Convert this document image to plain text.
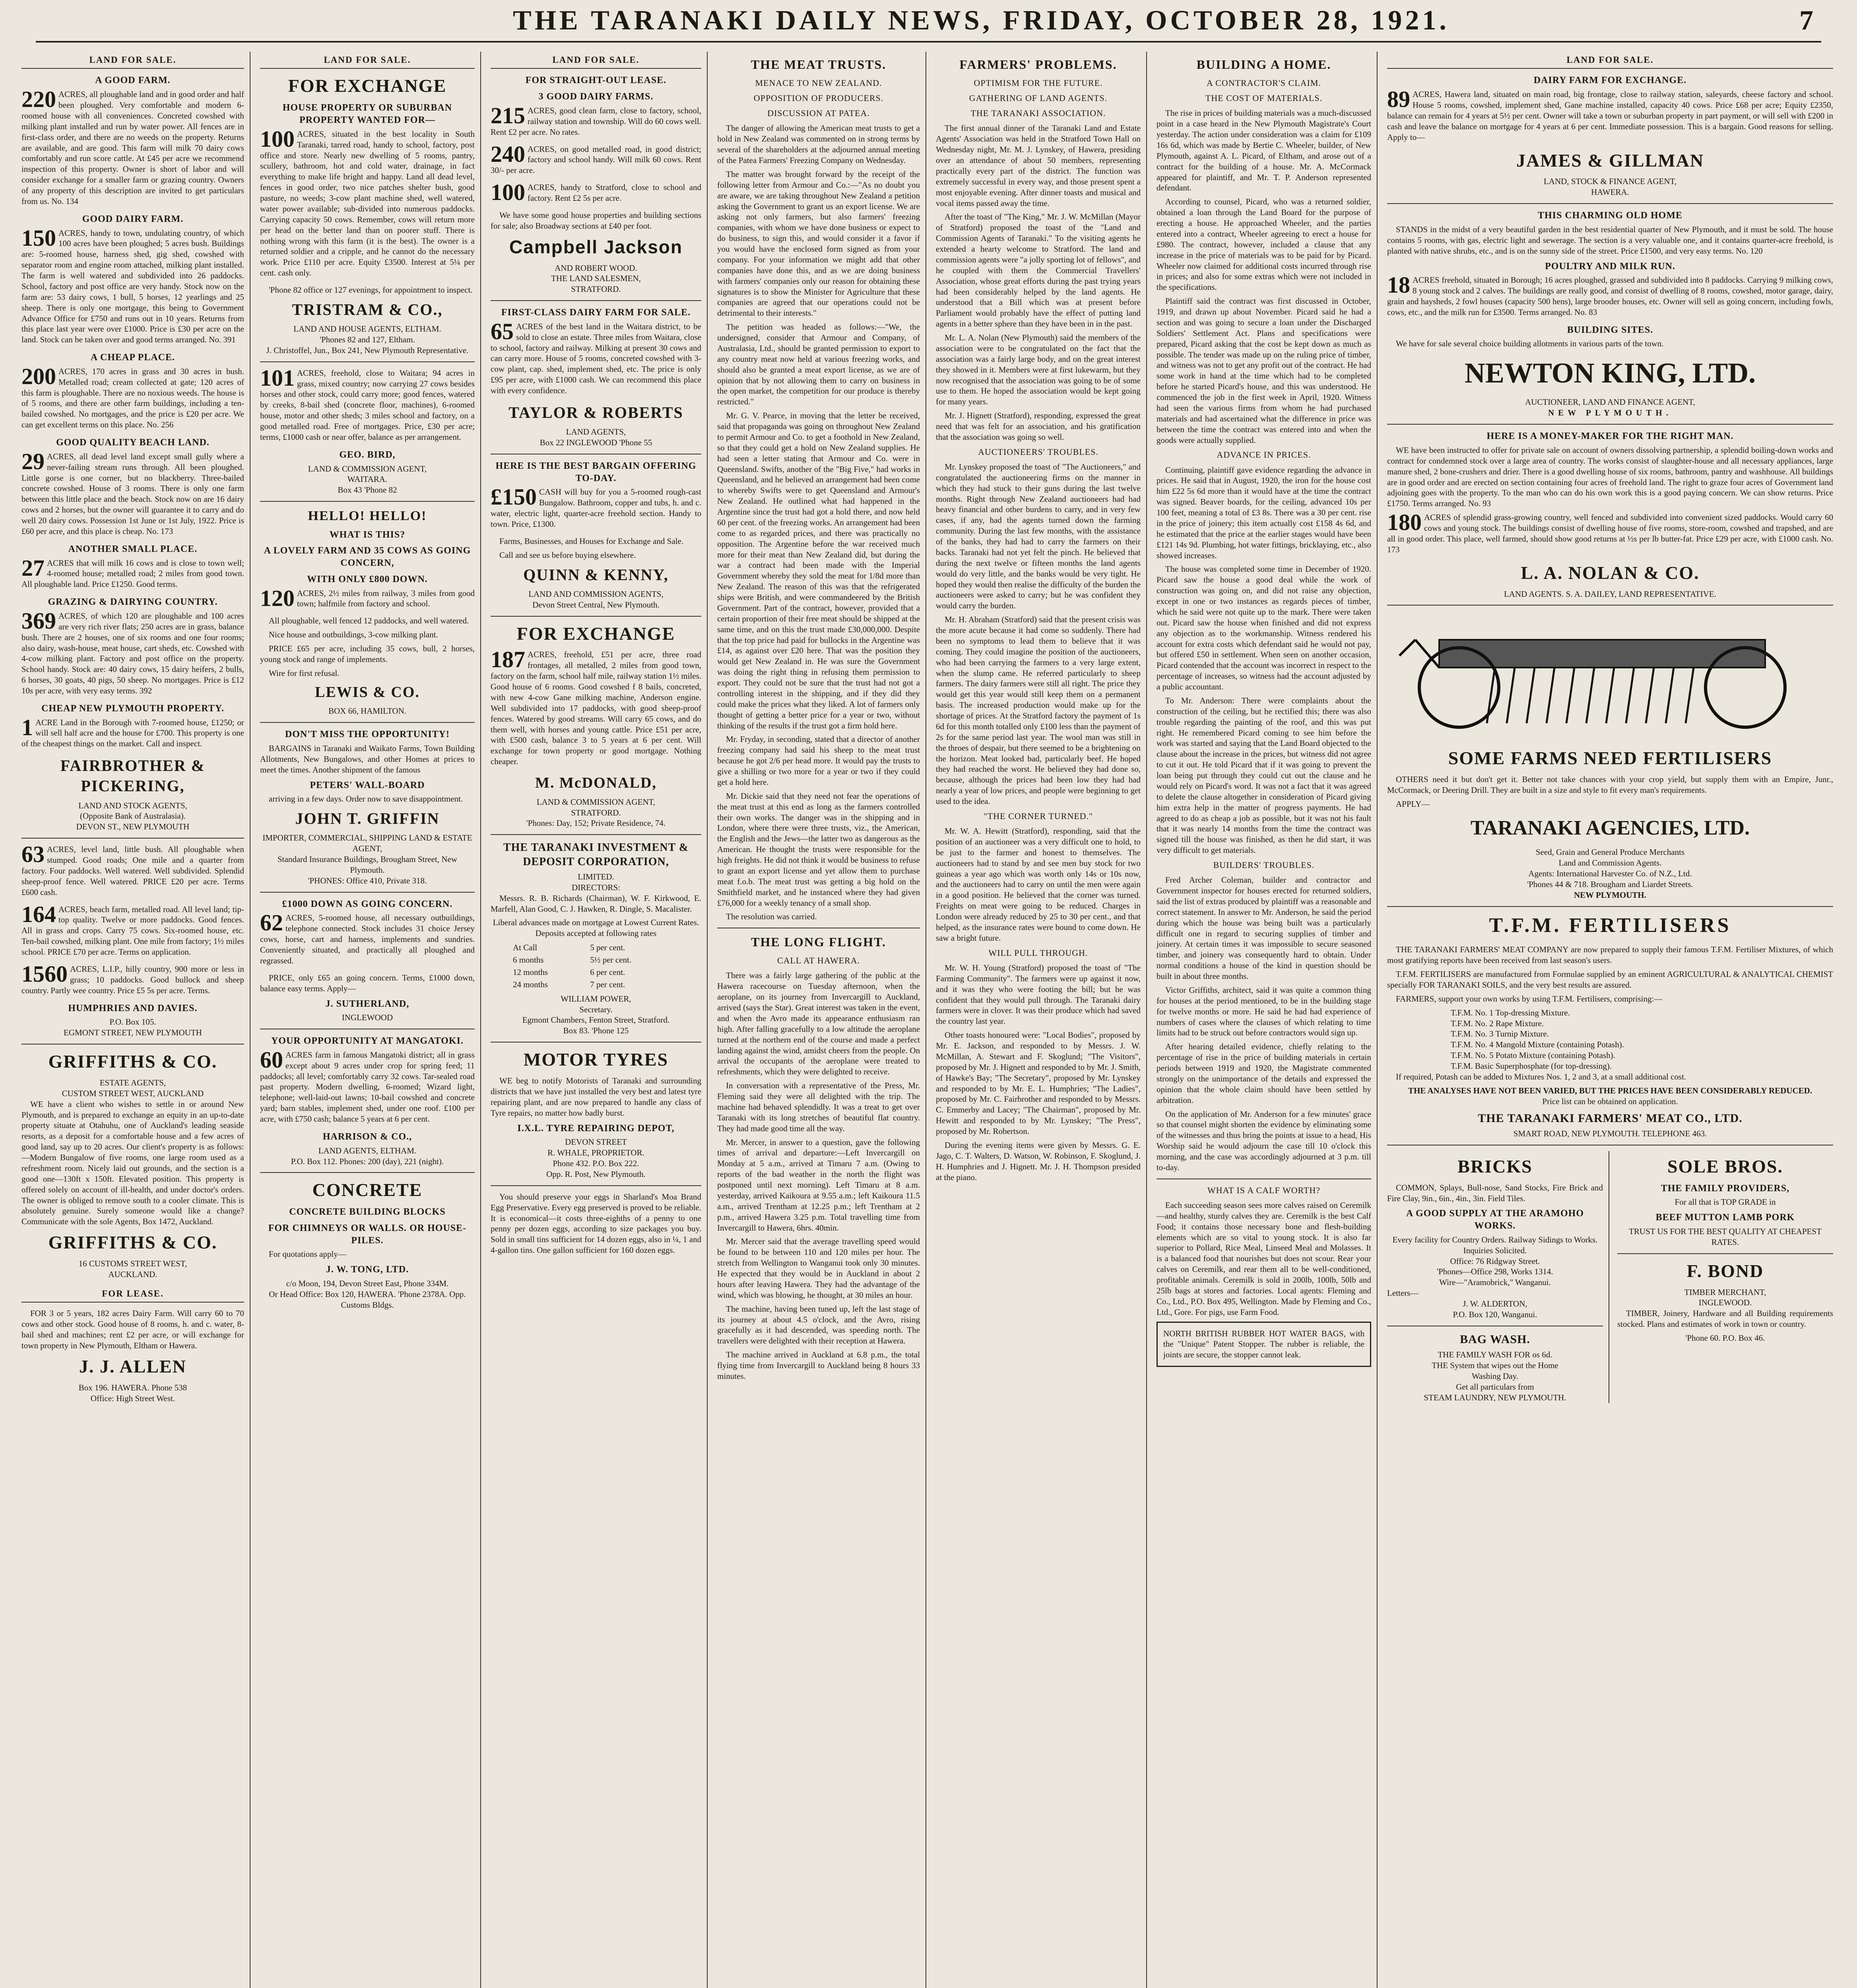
THE TARANAKI DAILY NEWS, FRIDAY, OCTOBER 28, 1921.	7
LAND FOR SALE.
A GOOD FARM.
220 ACRES, all ploughable land and in good order and half been ploughed. Very comfortable and modern 6-roomed house with all conveniences. Concreted cowshed with milking plant installed and run by water power. All fences are in first-class order, and there are no weeds on the property. Returns are available, and are good. This farm will milk 70 dairy cows comfortably and run score cattle. At £45 per acre we recommend inspection of this property. Owner is short of labor and will consider exchange for a smaller farm or grazing country. Owners of any property of this description are invited to get particulars from us. No. 134
GOOD DAIRY FARM.
150 ACRES, handy to town, undulating country, of which 100 acres have been ploughed; 5 acres bush. Buildings are: 5-roomed house, harness shed, gig shed, cowshed with separator room and engine room attached, milking plant installed. The farm is well watered and subdivided into 26 paddocks. School, factory and post office are very handy. Stock now on the farm are: 53 dairy cows, 1 bull, 5 horses, 12 yearlings and 25 sheep. There is only one mortgage, this being to Government Advance Office for £750 and runs out in 10 years. Returns from this place last year were over £1000. Price is £30 per acre on the land. Stock can be taken over and good terms arranged. No. 391
A CHEAP PLACE.
200 ACRES, 170 acres in grass and 30 acres in bush. Metalled road; cream collected at gate; 120 acres of this farm is ploughable. There are no noxious weeds. The house is of 5 rooms, and there are other farm buildings, including a ten-bailed cowshed. No mortgages, and the price is £20 per acre. We can get excellent terms on this place. No. 256
GOOD QUALITY BEACH LAND.
29 ACRES, all dead level land except small gully where a never-failing stream runs through. All been ploughed. Little gorse is one corner, but no blackberry. Three-bailed concrete cowshed. House of 3 rooms. There is only one farm between this little place and the beach. Stock now on are 16 dairy cows and 2 horses, but the owner will guarantee it to carry and do well 20 dairy cows. Possession 1st June or 1st July, 1922. Price is £60 per acre, and this place is cheap. No. 173
ANOTHER SMALL PLACE.
27 ACRES that will milk 16 cows and is close to town well; 4-roomed house; metalled road; 2 miles from good town. All ploughable land. Price £1250. Good terms.
GRAZING & DAIRYING COUNTRY.
369 ACRES, of which 120 are ploughable and 100 acres are very rich river flats; 250 acres are in grass, balance bush. There are 2 houses, one of six rooms and one four rooms; also dairy, wash-house, meat house, cart sheds, etc. Cowshed with 4-cow milking plant. Factory and post office on the property. School handy. Stock are: 40 dairy cows, 15 dairy heifers, 2 bulls, 6 horses, 30 goats, 40 pigs, 50 sheep. No mortgages. Price is £12 10s per acre, with very easy terms. 392
CHEAP NEW PLYMOUTH PROPERTY.
1 ACRE Land in the Borough with 7-roomed house, £1250; or will sell half acre and the house for £700. This property is one of the cheapest things on the market. Call and inspect.
FAIRBROTHER & PICKERING,
LAND AND STOCK AGENTS,
(Opposite Bank of Australasia).
DEVON ST., NEW PLYMOUTH
63 ACRES, level land, little bush. All ploughable when stumped. Good roads; One mile and a quarter from factory. Four paddocks. Well watered. Well subdivided. Splendid sheep-proof fence. Well watered. PRICE £20 per acre. Terms £600 cash.
164 ACRES, beach farm, metalled road. All level land; tip-top quality. Twelve or more paddocks. Good fences. All in grass and crops. Carry 75 cows. Six-roomed house, etc. Ten-bail cowshed, milking plant. One mile from factory; 1½ miles school. PRICE £70 per acre. Terms on application.
1560 ACRES, L.I.P., hilly country, 900 more or less in grass; 10 paddocks. Good bullock and sheep country. Partly wee country. Price £5 5s per acre. Terms.
HUMPHRIES AND DAVIES.
P.O. Box 105.
EGMONT STREET, NEW PLYMOUTH
GRIFFITHS & CO.
ESTATE AGENTS,
CUSTOM STREET WEST, AUCKLAND
WE have a client who wishes to settle in or around New Plymouth, and is prepared to exchange an equity in an up-to-date property situate at Otahuhu, one of Auckland's leading seaside resorts, as a deposit for a comfortable house and a few acres of good land, say up to 20 acres. Our client's property is as follows:—Modern Bungalow of five rooms, one large room used as a refreshment room. Nicely laid out grounds, and the section is a good one—130ft x 150ft. Elevated position. This property is offered solely on account of ill-health, and under doctor's orders. The owner is obliged to remove south to a cooler climate. This is absolutely genuine. Surely someone would like a change? Communicate with the sole Agents, Box 1472, Auckland.
GRIFFITHS & CO.
16 CUSTOMS STREET WEST,
AUCKLAND.
FOR LEASE.
FOR 3 or 5 years, 182 acres Dairy Farm. Will carry 60 to 70 cows and other stock. Good house of 8 rooms, h. and c. water, 8-bail shed and machines; rent £2 per acre, or will exchange for town property in New Plymouth, Eltham or Hawera.
J. J. ALLEN
Box 196. HAWERA. Phone 538
Office: High Street West.
LAND FOR SALE.
FOR EXCHANGE
HOUSE PROPERTY OR SUBURBAN PROPERTY WANTED FOR—
100 ACRES, situated in the best locality in South Taranaki, tarred road, handy to school, factory, post office and store. Nearly new dwelling of 5 rooms, pantry, scullery, bathroom, hot and cold water, drainage, in fact everything to make life bright and happy. Land all dead level, fences in good order, two nice patches shelter bush, good pasture, no weeds; 3-cow plant machine shed, well watered, water power available; sub-divided into numerous paddocks. Carrying capacity 50 cows. Remember, cows will return more per head on the better land than on poorer stuff. There is nothing wrong with this farm (it is the best). The owner is a returned soldier and a cripple, and he cannot do the necessary work. Price £110 per acre. Equity £3500. Interest at 5¼ per cent. cash only.
'Phone 82 office or 127 evenings, for appointment to inspect.
TRISTRAM & CO.,
LAND AND HOUSE AGENTS, ELTHAM.
'Phones 82 and 127, Eltham.
J. Christoffel, Jun., Box 241, New Plymouth Representative.
101 ACRES, freehold, close to Waitara; 94 acres in grass, mixed country; now carrying 27 cows besides horses and other stock, could carry more; good fences, watered by creeks, 8-bail shed (concrete floor, machines), 6-roomed house, motor and other sheds; 3 miles school and factory, on a good metalled road. Free of mortgages. Price, £30 per acre; terms, £1000 cash or near offer, balance as per arrangement.
GEO. BIRD,
LAND & COMMISSION AGENT,
WAITARA.
Box 43 'Phone 82
HELLO! HELLO!
WHAT IS THIS?
A LOVELY FARM AND 35 COWS AS GOING CONCERN,
WITH ONLY £800 DOWN.
120 ACRES, 2½ miles from railway, 3 miles from good town; halfmile from factory and school.
All ploughable, well fenced 12 paddocks, and well watered.
Nice house and outbuildings, 3-cow milking plant.
PRICE £65 per acre, including 35 cows, bull, 2 horses, young stock and range of implements.
Wire for first refusal.
LEWIS & CO.
BOX 66, HAMILTON.
DON'T MISS THE OPPORTUNITY!
BARGAINS in Taranaki and Waikato Farms, Town Building Allotments, New Bungalows, and other Homes at prices to meet the times. Another shipment of the famous
PETERS' WALL-BOARD
arriving in a few days. Order now to save disappointment.
JOHN T. GRIFFIN
IMPORTER, COMMERCIAL, SHIPPING LAND & ESTATE AGENT,
Standard Insurance Buildings, Brougham Street, New Plymouth.
'PHONES: Office 410, Private 318.
£1000 DOWN AS GOING CONCERN.
62 ACRES, 5-roomed house, all necessary outbuildings, telephone connected. Stock includes 31 choice Jersey cows, horse, cart and harness, implements and sundries. Conveniently situated, and practically all ploughed and regrassed.
PRICE, only £65 an going concern. Terms, £1000 down, balance easy terms. Apply—
J. SUTHERLAND,
INGLEWOOD
YOUR OPPORTUNITY AT MANGATOKI.
60 ACRES farm in famous Mangatoki district; all in grass except about 9 acres under crop for spring feed; 11 paddocks; all level; comfortably carry 32 cows. Tar-sealed road past property. Modern dwelling, 6-roomed; Wizard light, telephone; well-laid-out lawns; 10-bail cowshed and concrete yard; barn stables, implement shed, under one roof. £100 per acre, with £750 cash; balance 5 years at 6 per cent.
HARRISON & CO.,
LAND AGENTS, ELTHAM.
P.O. Box 112. Phones: 200 (day), 221 (night).
CONCRETE
CONCRETE BUILDING BLOCKS
FOR CHIMNEYS OR WALLS. OR HOUSE-PILES.
For quotations apply—
J. W. TONG, LTD.
c/o Moon, 194, Devon Street East, Phone 334M.
Or Head Office: Box 120, HAWERA. 'Phone 2378A. Opp. Customs Bldgs.
LAND FOR SALE.
FOR STRAIGHT-OUT LEASE.
3 GOOD DAIRY FARMS.
215 ACRES, good clean farm, close to factory, school, railway station and township. Will do 60 cows well. Rent £2 per acre. No rates.
240 ACRES, on good metalled road, in good district; factory and school handy. Will milk 60 cows. Rent 30/- per acre.
100 ACRES, handy to Stratford, close to school and factory. Rent £2 5s per acre.
We have some good house properties and building sections for sale; also Broadway sections at £40 per foot.
Campbell Jackson
AND ROBERT WOOD.
THE LAND SALESMEN,
STRATFORD.
FIRST-CLASS DAIRY FARM FOR SALE.
65 ACRES of the best land in the Waitara district, to be sold to close an estate. Three miles from Waitara, close to school, factory and railway. Milking at present 30 cows and can carry more. House of 5 rooms, concreted cowshed with 3-cow plant, cap. shed, implement shed, etc. The price is only £95 per acre, with £1000 cash. We can recommend this place with every confidence.
TAYLOR & ROBERTS
LAND AGENTS,
Box 22 INGLEWOOD 'Phone 55
HERE IS THE BEST BARGAIN OFFERING TO-DAY.
£150 CASH will buy for you a 5-roomed rough-cast Bungalow. Bathroom, copper and tubs, h. and c. water, electric light, quarter-acre freehold section. Handy to town. Price, £1300.
Farms, Businesses, and Houses for Exchange and Sale.
Call and see us before buying elsewhere.
QUINN & KENNY,
LAND AND COMMISSION AGENTS,
Devon Street Central, New Plymouth.
FOR EXCHANGE
187 ACRES, freehold, £51 per acre, three road frontages, all metalled, 2 miles from good town, factory on the farm, school half mile, railway station 1½ miles. Good house of 6 rooms. Good cowshed f 8 bails, concreted, with new 4-cow Gane milking machine, Anderson engine. Well subdivided into 17 paddocks, with good sheep-proof fences. Watered by good streams. Will carry 65 cows, and do them well, with horses and young cattle. Price £51 per acre, with £500 cash, balance 3 to 5 years at 6 per cent. Will exchange for town property or good mortgage. Nothing cheaper.
M. McDONALD,
LAND & COMMISSION AGENT,
STRATFORD.
'Phones: Day, 152; Private Residence, 74.
THE TARANAKI INVESTMENT & DEPOSIT CORPORATION,
LIMITED.
DIRECTORS:
Messrs. R. B. Richards (Chairman), W. F. Kirkwood, E. Marfell, Alan Good, C. J. Hawken, R. Dingle, S. Macalister.
Liberal advances made on mortgage at Lowest Current Rates.
Deposits accepted at following rates
At Call	5 per cent.
6 months	5½ per cent.
12 months	6 per cent.
24 months	7 per cent.
WILLIAM POWER,
Secretary.
Egmont Chambers, Fenton Street, Stratford.
Box 83. 'Phone 125
MOTOR TYRES
WE beg to notify Motorists of Taranaki and surrounding districts that we have just installed the very best and latest tyre repairing plant, and are now prepared to handle any class of Tyre repairs, no matter how badly burst.
I.X.L. TYRE REPAIRING DEPOT,
DEVON STREET
R. WHALE, PROPRIETOR.
Phone 432. P.O. Box 222.
Opp. R. Post, New Plymouth.
You should preserve your eggs in Sharland's Moa Brand Egg Preservative. Every egg preserved is proved to be reliable. It is economical—it costs three-eighths of a penny to one penny per dozen eggs, according to size packages you buy. Sold in small tins sufficient for 14 dozen eggs, also in ¼, 1 and 4-gallon tins. One gallon sufficient for 160 dozen eggs.
THE MEAT TRUSTS.
MENACE TO NEW ZEALAND.
OPPOSITION OF PRODUCERS.
DISCUSSION AT PATEA.
The danger of allowing the American meat trusts to get a hold in New Zealand was commented on in strong terms by several of the shareholders at the adjourned annual meeting of the Patea Farmers' Freezing Company on Wednesday.
The matter was brought forward by the receipt of the following letter from Armour and Co.:—"As no doubt you are aware, we are taking throughout New Zealand a petition asking the Government to grant us an export license. We are asking not only farmers, but also farmers' freezing companies, with whom we have done business or expect to do business, to sign this, and would consider it a favor if you would have the enclosed form signed as from your company. For your information we might add that other companies have done this, and as we are doing business with farmers' companies only our reason for obtaining these signatures is to show the Minister for Agriculture that these companies are agreed that our operations could not be detrimental to their interests."
The petition was headed as follows:—"We, the undersigned, consider that Armour and Company, of Australasia, Ltd., should be granted permission to export to any country meat now held at various freezing works, and should also be granted a meat export license, as we are of opinion that by not allowing them to carry on business in the open market, the competition for our produce is thereby restricted."
Mr. G. V. Pearce, in moving that the letter be received, said that propaganda was going on throughout New Zealand to permit Armour and Co. to get a foothold in New Zealand, so that they could get a hold on New Zealand supplies. He had seen a letter stating that Armour and Co. were in Queensland. Swifts, another of the "Big Five," had works in Queensland, and he believed an arrangement had been come to whereby Swifts were to get Queensland and Armour's New Zealand. He outlined what had happened in the Argentine since the trust had got a hold there, and now held 60 per cent. of the freezing works. An arrangement had been come to as regarded prices, and there was practically no opposition. The Argentine before the war received much more for their meat than New Zealand did, but during the war a contract had been made with the Imperial Government whereby they sold the meat for 1/8d more than New Zealand. The reason of this was that the refrigerated ships were British, and were commandeered by the British Government. Part of the contract, however, provided that a certain proportion of their free meat should be shipped at the same time, and on this the trust made £30,000,000. Despite that the top price had paid for bullocks in the Argentine was £14, as against over £20 here. That was the position they would get New Zealand in. He was sure the Government was doing the right thing in refusing them permission to export. They could not be sure that the trust had not got a controlling interest in the shipping, and if they did they could make the prices what they liked. A lot of farmers only thought of getting a better price for a year or two, without thinking of the results if the trust got a firm hold here.
Mr. Fryday, in seconding, stated that a director of another freezing company had said his sheep to the meat trust because he got 2/6 per head more. It would pay the trusts to give a shilling or two more for a year or two if they could get a hold here.
Mr. Dickie said that they need not fear the operations of the meat trust at this end as long as the farmers controlled their own works. The danger was in the shipping and in London, where there were three trusts, viz., the American, the English and the Jews—the latter two as dangerous as the American. He thought the trusts were responsible for the high freights. He did not think it would be business to refuse to grant an export license and yet allow them to purchase meat f.o.b. The meat trust was getting a big hold on the Smithfield market, and he instanced where they had given £76,000 for a weekly tenancy of a small shop.
The resolution was carried.
THE LONG FLIGHT.
CALL AT HAWERA.
There was a fairly large gathering of the public at the Hawera racecourse on Tuesday afternoon, when the aeroplane, on its journey from Invercargill to Auckland, arrived (says the Star). Great interest was taken in the event, and when the Avro made its appearance enthusiasm ran high. After falling gracefully to a low altitude the aeroplane turned at the northern end of the course and made a perfect landing against the wind, amidst cheers from the people. On arrival the occupants of the aeroplane were treated to refreshments, which they were delighted to receive.
In conversation with a representative of the Press, Mr. Fleming said they were all delighted with the trip. The machine had behaved splendidly. It was a treat to get over Taranaki with its long stretches of beautiful flat country. They had made good time all the way.
Mr. Mercer, in answer to a question, gave the following times of arrival and departure:—Left Invercargill on Monday at 5 a.m., arrived at Timaru 7 a.m. (Owing to reports of the bad weather in the north the flight was postponed until next morning). Left Timaru at 8 a.m. yesterday, arrived Kaikoura at 9.55 a.m.; left Kaikoura 11.5 a.m., arrived Trentham at 12.25 p.m.; left Trentham at 2 p.m., arrived Hawera 3.25 p.m. Total travelling time from Invercargill to Hawera, 6hrs. 40min.
Mr. Mercer said that the average travelling speed would be found to be between 110 and 120 miles per hour. The stretch from Wellington to Wanganui took only 30 minutes. He expected that they would be in Auckland in about 2 hours after leaving Hawera. They had the advantage of the wind, which was blowing, he thought, at 30 miles an hour.
The machine, having been tuned up, left the last stage of its journey at about 4.5 o'clock, and the Avro, rising gracefully as it had descended, was speeding north. The travellers were delighted with their reception at Hawera.
The machine arrived in Auckland at 6.8 p.m., the total flying time from Invercargill to Auckland being 8 hours 33 minutes.
FARMERS' PROBLEMS.
OPTIMISM FOR THE FUTURE.
GATHERING OF LAND AGENTS.
THE TARANAKI ASSOCIATION.
The first annual dinner of the Taranaki Land and Estate Agents' Association was held in the Stratford Town Hall on Wednesday night, Mr. M. J. Lynskey, of Hawera, presiding over an attendance of about 50 members, representing practically every part of the district. The function was extremely successful in every way, and those present spent a most enjoyable evening. After dinner toasts and musical and vocal items passed away the time.
After the toast of "The King," Mr. J. W. McMillan (Mayor of Stratford) proposed the toast of the "Land and Commission Agents of Taranaki." To the visiting agents he extended a hearty welcome to Stratford. The land and commission agents were "a jolly sporting lot of fellows", and he coupled with them the Commercial Travellers' Association, whose great efforts during the past trying years had been considerably helped by the land agents. He understood that a Bill which was at present before Parliament would probably have the effect of putting land agents in a better sphere than they have been in in the past.
Mr. L. A. Nolan (New Plymouth) said the members of the association were to be congratulated on the fact that the association was a fairly large body, and on the great interest they showed in it. Members were at first lukewarm, but they now recognised that the association was going to be of some use to them. He hoped the association would be kept going for many years.
Mr. J. Hignett (Stratford), responding, expressed the great need that was felt for an association, and his gratification that the association was going so well.
AUCTIONEERS' TROUBLES.
Mr. Lynskey proposed the toast of "The Auctioneers," and congratulated the auctioneering firms on the manner in which they had stuck to their guns during the last twelve months. Right through New Zealand auctioneers had had heavy financial and other burdens to carry, and in very few cases, if any, had the agents turned down the farming community. During the last few months, with the assistance of the banks, they had had to carry the farmers on their backs. Taranaki had not yet felt the pinch. He believed that during the next twelve or fifteen months the land agents would do very little, and the banks would be very tight. He hoped they would then realise the difficulty of the burden the auctioneers were asked to carry; but he was confident they would carry the burden.
Mr. H. Abraham (Stratford) said that the present crisis was the more acute because it had come so suddenly. There had been no symptoms to lead them to believe that it was coming. They could imagine the position of the auctioneers, who had been carrying the farmers to a very large extent, when the slump came. He referred particularly to sheep farmers. The dairy farmers were still all right. The price they would get this year would still keep them on a permanent basis. The increased production would make up for the shortage of prices. At the Stratford factory the payment of 1s 6d for this month totalled only £100 less than the payment of 2s for the same period last year. The wool man was still in the throes of despair, but there seemed to be a brightening on the horizon. Meat looked bad, particularly beef. He hoped they had reached the worst. He believed they had done so, because, although the prices had been low they had had nearly a year of low prices, and people were beginning to get used to the idea.
"THE CORNER TURNED."
Mr. W. A. Hewitt (Stratford), responding, said that the position of an auctioneer was a very difficult one to hold, to be just to the farmer and honest to themselves. The auctioneers had to stand by and see men buy stock for two guineas a year ago which was worth only 14s or 10s now, and the auctioneers had to carry on until the men were again in a good position. He believed that the corner was turned. Freights on meat were going to be reduced. Charges in London were already reduced by 25 to 30 per cent., and that helped, as the insurance rates were bound to come down. He saw a bright future.
WILL PULL THROUGH.
Mr. W. H. Young (Stratford) proposed the toast of "The Farming Community". The farmers were up against it now, and it was they who were footing the bill; but he was confident that they would pull through. The Taranaki dairy farmers were in clover. It was their produce which had saved the country last year.
Other toasts honoured were: "Local Bodies", proposed by Mr. E. Jackson, and responded to by Messrs. J. W. McMillan, A. Stewart and F. Skoglund; "The Visitors", proposed by Mr. J. Hignett and responded to by Mr. J. Smith, of Hawke's Bay; "The Secretary", proposed by Mr. Lynskey and responded to by Mr. E. L. Humphries; "The Ladies", proposed by Mr. C. Fairbrother and responded to by Messrs. C. Emmerby and Lacey; "The Chairman", proposed by Mr. Hewitt and responded to by Mr. Lynskey; "The Press", proposed by Mr. Robertson.
During the evening items were given by Messrs. G. E. Jago, C. T. Walters, D. Watson, W. Robinson, F. Skoglund, J. H. Humphries and J. Hignett. Mr. J. H. Thompson presided at the piano.
BUILDING A HOME.
A CONTRACTOR'S CLAIM.
THE COST OF MATERIALS.
The rise in prices of building materials was a much-discussed point in a case heard in the New Plymouth Magistrate's Court yesterday. The action under consideration was a claim for £109 16s 6d, which was made by Bertie C. Wheeler, builder, of New Plymouth, against A. L. Picard, of Eltham, and arose out of a contract for the building of a house. Mr. A. McCormack appeared for plaintiff, and Mr. T. P. Anderson represented defendant.
According to counsel, Picard, who was a returned soldier, obtained a loan through the Land Board for the purpose of erecting a house. He approached Wheeler, and the parties entered into a contract, Wheeler agreeing to erect a house for £980. The contract, however, included a clause that any increase in the price of materials was to be paid for by Picard. Wheeler now claimed for additional costs incurred through rise in prices; and also for some extras which were not included in the specifications.
Plaintiff said the contract was first discussed in October, 1919, and drawn up about November. Picard said he had a section and was going to secure a loan under the Discharged Soldiers' Settlement Act. Plans and specifications were prepared, Picard asking that the cost be kept down as much as possible. The tender was made up on the ruling price of timber, and witness was not to get any profit out of the contract. He had some work in hand at the time which had to be completed before he started Picard's house, and this was understood. He commenced the job in the first week in April, 1920. Witness had seen the various firms from whom he had purchased materials and had ascertained what the difference in price was between the time the contract was entered into and when the goods were actually supplied.
ADVANCE IN PRICES.
Continuing, plaintiff gave evidence regarding the advance in prices. He said that in August, 1920, the iron for the house cost him £22 5s 6d more than it would have at the time the contract was signed. Beaver boards, for the ceiling, advanced 10s per 100 feet, meaning a total of £3 8s. There was a 30 per cent. rise in the price of joinery; this item actually cost £158 4s 6d, and he estimated that the price at the earlier stages would have been £121 14s 9d. Plumbing, hot water fittings, bricklaying, etc., also showed increases.
The house was completed some time in December of 1920. Picard saw the house a good deal while the work of construction was going on, and did not raise any objection, except in one or two instances as regards pieces of timber, which he said were not quite up to the mark. There were taken out. Picard saw the house when finished and did not express any objection as to the workmanship. Witness rendered his account for extra costs which defendant said he would not pay, but offered £50 in settlement. When seen on another occasion, Picard contended that the account was incorrect in respect to the percentage of increases, so witness had the account adjusted by a public accountant.
To Mr. Anderson: There were complaints about the construction of the ceiling, but he rectified this; there was also trouble regarding the painting of the roof, and this was put right. He remembered Picard coming to see him before the work was started and saying that the Land Board objected to the clause about the increase in the prices, but witness did not agree to cut it out. He told Picard that if it was going to prevent the loan being put through they could cut out the clause and he would rely on Picard's word. It was not a fact that it was agreed to delete the clause altogether in consideration of Picard giving him extra help in the matter of progress payments. He had agreed to do as cheap a job as possible, but it was not his fault that it was nearly 14 months from the time the contract was signed till the house was finished, as then he did start, it was very difficult to get materials.
BUILDERS' TROUBLES.
Fred Archer Coleman, builder and contractor and Government inspector for houses erected for returned soldiers, said the list of extras produced by plaintiff was a reasonable and correct statement. In answer to Mr. Anderson, he said the period during which the house was being built was a particularly difficult one in regard to securing supplies of timber and joinery. At certain times it was impossible to secure seasoned timber, and joinery was consequently hard to obtain. Under normal conditions a house of the kind in question should be built in about three months.
Victor Griffiths, architect, said it was quite a common thing for houses at the period mentioned, to be in the building stage for twelve months or more. He said he had had experience of numbers of cases where the clauses of which relating to time limits had to be struck out before contractors would sign up.
After hearing detailed evidence, chiefly relating to the percentage of rise in the price of building materials in certain periods between 1919 and 1920, the Magistrate commented strongly on the unimportance of the details and expressed the opinion that the whole claim should have been settled by arbitration.
On the application of Mr. Anderson for a few minutes' grace so that counsel might shorten the evidence by eliminating some of the witnesses and thus bring the points at issue to a head, His Worship said he would adjourn the case till 10 o'clock this morning, and the case was accordingly adjourned at 3 p.m. till to-day.
WHAT IS A CALF WORTH?
Each succeeding season sees more calves raised on Ceremilk—and healthy, sturdy calves they are. Ceremilk is the best Calf Food; it contains those necessary bone and flesh-building elements which are so vital to young stock. It is also far superior to Pollard, Rice Meal, Linseed Meal and Molasses. It is a balanced food that nourishes but does not scour. Rear your calves on Ceremilk, and rear them all to be well-conditioned, profitable animals. Ceremilk is sold in 200lb, 100lb, 50lb and 25lb bags at stores and factories. Local agents: Fleming and Co., Ltd., P.O. Box 495, Wellington. Made by Fleming and Co., Ltd., Gore. For pigs, use Farm Food.
NORTH BRITISH RUBBER HOT WATER BAGS, with the "Unique" Patent Stopper. The rubber is reliable, the joints are secure, the stopper cannot leak.
LAND FOR SALE.
DAIRY FARM FOR EXCHANGE.
89 ACRES, Hawera land, situated on main road, big frontage, close to railway station, saleyards, cheese factory and school. House 5 rooms, cowshed, implement shed, Gane machine installed, capacity 40 cows. Price £68 per acre; Equity £2350, balance can remain for 4 years at 5½ per cent. Owner will take a town or suburban property in part payment, or will sell with £200 in cash and leave the balance on mortgage for 4 years at 6 per cent. Immediate possession. This is a bargain. Good reasons for selling. Apply to—
JAMES & GILLMAN
LAND, STOCK & FINANCE AGENT,
HAWERA.
THIS CHARMING OLD HOME
STANDS in the midst of a very beautiful garden in the best residential quarter of New Plymouth, and it must be sold. The house contains 5 rooms, with gas, electric light and sewerage. The section is a very valuable one, and it contains quarter-acre freehold, is planted with native shrubs, etc., and is on the sunny side of the street. Price £1500, and very easy terms. No. 120
POULTRY AND MILK RUN.
18 ACRES freehold, situated in Borough; 16 acres ploughed, grassed and subdivided into 8 paddocks. Carrying 9 milking cows, 8 young stock and 2 calves. The buildings are really good, and consist of dwelling of 8 rooms, cowshed, motor garage, dairy, grain and haysheds, 2 fowl houses (capacity 500 hens), large brooder houses, etc. Owner will sell as going concern, including fowls, cows, etc., and the milk run for £3500. Terms arranged. No. 83
BUILDING SITES.
We have for sale several choice building allotments in various parts of the town.
NEWTON KING, LTD.
AUCTIONEER, LAND AND FINANCE AGENT,
NEW PLYMOUTH.
HERE IS A MONEY-MAKER FOR THE RIGHT MAN.
WE have been instructed to offer for private sale on account of owners dissolving partnership, a splendid boiling-down works and contract for condemned stock over a large area of country. The works consist of slaughter-house and all necessary appliances, large manure shed, 2 bone-crushers and drier. There is a good dwelling house of six rooms, bathroom, pantry and washhouse. All buildings are in good order and are erected on section containing four acres of freehold land. The right to graze four acres of Government land adjoining goes with the property. To the man who can do his own work this is a good paying concern. We can show returns. Price £1750. Terms arranged. No. 93
180 ACRES of splendid grass-growing country, well fenced and subdivided into convenient sized paddocks. Would carry 60 cows and young stock. The buildings consist of dwelling house of five rooms, store-room, cowshed and trapshed, and are all in good order. This place, well farmed, should show good returns at ½s per lb butter-fat. Price £29 per acre, with £1000 cash. No. 173
L. A. NOLAN & CO.
LAND AGENTS. S. A. DAILEY, LAND REPRESENTATIVE.
SOME FARMS NEED FERTILISERS
OTHERS need it but don't get it. Better not take chances with your crop yield, but supply them with an Empire, Junr., McCormack, or Deering Drill. They are built in a size and style to fit every man's requirements.
APPLY—
TARANAKI AGENCIES, LTD.
Seed, Grain and General Produce Merchants
Land and Commission Agents.
Agents: International Harvester Co. of N.Z., Ltd.
'Phones 44 & 718. Brougham and Liardet Streets.
NEW PLYMOUTH.
T.F.M. FERTILISERS
THE TARANAKI FARMERS' MEAT COMPANY are now prepared to supply their famous T.F.M. Fertiliser Mixtures, of which most gratifying reports have been received from last season's users.
T.F.M. FERTILISERS are manufactured from Formulae supplied by an eminent AGRICULTURAL & ANALYTICAL CHEMIST specially FOR TARANAKI SOILS, and the very best results are assured.
FARMERS, support your own works by using T.F.M. Fertilisers, comprising:—
T.F.M. No. 1 Top-dressing Mixture.
T.F.M. No. 2 Rape Mixture.
T.F.M. No. 3 Turnip Mixture.
T.F.M. No. 4 Mangold Mixture (containing Potash).
T.F.M. No. 5 Potato Mixture (containing Potash).
T.F.M. Basic Superphosphate (for top-dressing).
If required, Potash can be added to Mixtures Nos. 1, 2 and 3, at a small additional cost.
THE ANALYSES HAVE NOT BEEN VARIED, BUT THE PRICES HAVE BEEN CONSIDERABLY REDUCED.
Price list can be obtained on application.
THE TARANAKI FARMERS' MEAT CO., LTD.
SMART ROAD, NEW PLYMOUTH. TELEPHONE 463.
BRICKS
COMMON, Splays, Bull-nose, Sand Stocks, Fire Brick and Fire Clay, 9in., 6in., 4in., 3in. Field Tiles.
A GOOD SUPPLY AT THE ARAMOHO WORKS.
Every facility for Country Orders. Railway Sidings to Works. Inquiries Solicited.
Office: 76 Ridgway Street.
'Phones—Office 298, Works 1314.
Wire—"Aramobrick," Wanganui.
Letters—
J. W. ALDERTON,
P.O. Box 120, Wanganui.
BAG WASH.
THE FAMILY WASH FOR os 6d.
THE System that wipes out the Home
Washing Day.
Get all particulars from
STEAM LAUNDRY, NEW PLYMOUTH.
SOLE BROS.
THE FAMILY PROVIDERS,
For all that is TOP GRADE in
BEEF MUTTON LAMB PORK
TRUST US FOR THE BEST QUALITY AT CHEAPEST RATES.
F. BOND
TIMBER MERCHANT,
INGLEWOOD.
TIMBER, Joinery, Hardware and all Building requirements stocked. Plans and estimates of work in town or country.
'Phone 60. P.O. Box 46.
